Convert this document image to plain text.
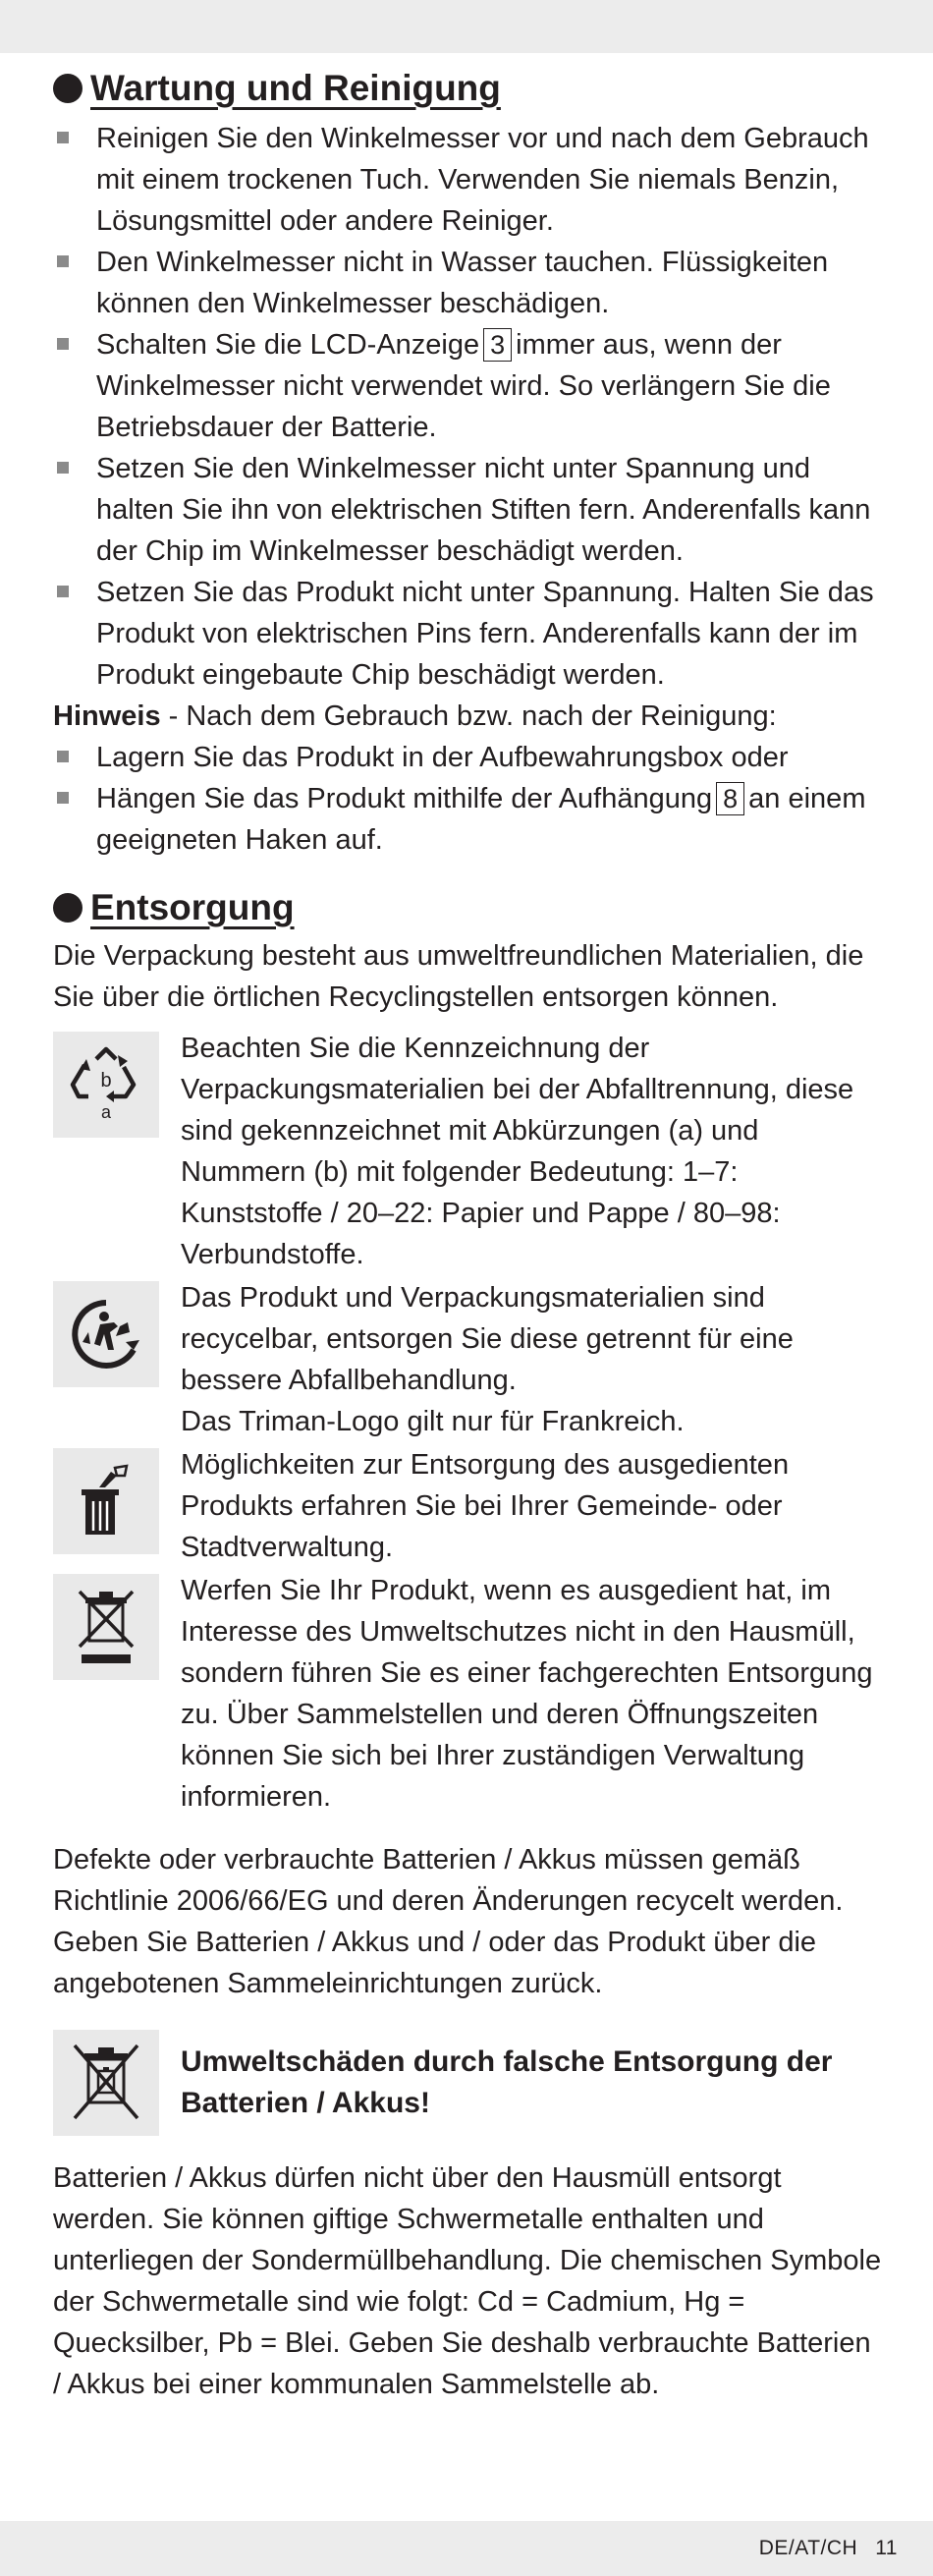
Wartung und Reinigung
Reinigen Sie den Winkelmesser vor und nach dem Gebrauch mit einem trockenen Tuch. Verwenden Sie niemals Benzin, Lösungsmittel oder andere Reiniger.
Den Winkelmesser nicht in Wasser tauchen. Flüssigkeiten können den Winkelmesser beschädigen.
Schalten Sie die LCD-Anzeige 3 immer aus, wenn der Winkelmesser nicht verwendet wird. So verlängern Sie die Betriebsdauer der Batterie.
Setzen Sie den Winkelmesser nicht unter Spannung und halten Sie ihn von elektrischen Stiften fern. Anderenfalls kann der Chip im Winkelmesser beschädigt werden.
Setzen Sie das Produkt nicht unter Spannung. Halten Sie das Produkt von elektrischen Pins fern. Anderenfalls kann der im Produkt eingebaute Chip beschädigt werden.

Hinweis - Nach dem Gebrauch bzw. nach der Reinigung:

Lagern Sie das Produkt in der Aufbewahrungsbox oder
Hängen Sie das Produkt mithilfe der Aufhängung 8 an einem geeigneten Haken auf.
Entsorgung

Die Verpackung besteht aus umweltfreundlichen Materialien, die Sie über die örtlichen Recyclingstellen entsorgen können.

b
a
Beachten Sie die Kennzeichnung der Verpackungsmaterialien bei der Abfalltrennung, diese sind gekennzeichnet mit Abkürzungen (a) und Nummern (b) mit folgender Bedeutung: 1–7: Kunststoffe / 20–22: Papier und Pappe / 80–98: Verbundstoffe.
Das Produkt und Verpackungsmaterialien sind recycelbar, entsorgen Sie diese getrennt für eine bessere Abfallbehandlung.
Das Triman-Logo gilt nur für Frankreich.
Möglichkeiten zur Entsorgung des ausgedienten Produkts erfahren Sie bei Ihrer Gemeinde- oder Stadtverwaltung.
Werfen Sie Ihr Produkt, wenn es ausgedient hat, im Interesse des Umweltschutzes nicht in den Hausmüll, sondern führen Sie es einer fachgerechten Entsorgung zu. Über Sammelstellen und deren Öffnungszeiten können Sie sich bei Ihrer zuständigen Verwaltung informieren.

Defekte oder verbrauchte Batterien / Akkus müssen gemäß Richtlinie 2006/66/EG und deren Änderungen recycelt werden. Geben Sie Batterien / Akkus und / oder das Produkt über die angebotenen Sammeleinrichtungen zurück.

Umweltschäden durch falsche Entsorgung der Batterien / Akkus!

Batterien / Akkus dürfen nicht über den Hausmüll entsorgt werden. Sie können giftige Schwermetalle enthalten und unterliegen der Sondermüllbehandlung. Die chemischen Symbole der Schwermetalle sind wie folgt: Cd = Cadmium, Hg = Quecksilber, Pb = Blei. Geben Sie deshalb verbrauchte Batterien / Akkus bei einer kommunalen Sammelstelle ab.

DE/AT/CH 11
